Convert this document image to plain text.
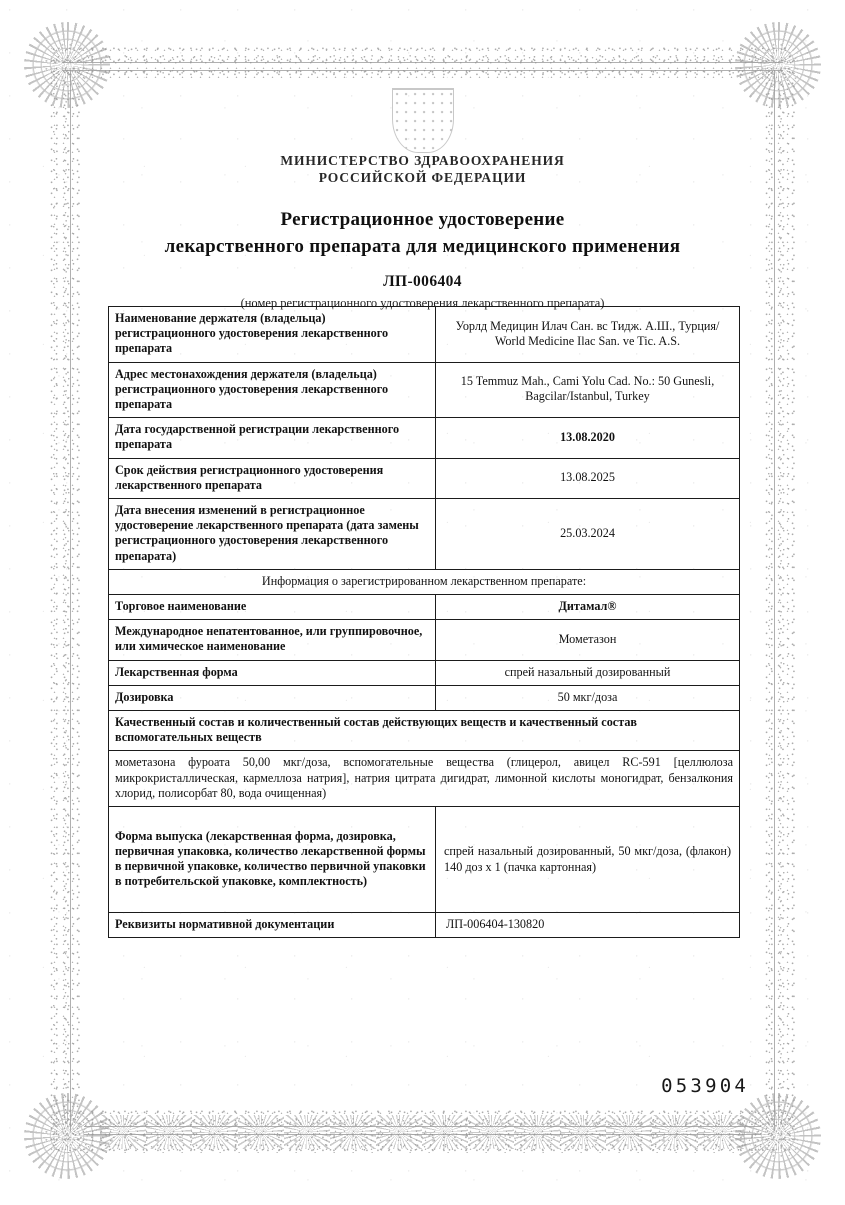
МИНИСТЕРСТВО ЗДРАВООХРАНЕНИЯ
РОССИЙСКОЙ ФЕДЕРАЦИИ
Регистрационное удостоверение
лекарственного препарата для медицинского применения
ЛП-006404
(номер регистрационного удостоверения лекарственного препарата)
Наименование держателя (владельца) регистрационного удостоверения лекарственного препарата	Уорлд Медицин Илач Сан. вс Тидж. А.Ш., Турция/ World Medicine Ilac San. ve Tic. A.S.
Адрес местонахождения держателя (владельца) регистрационного удостоверения лекарственного препарата	15 Temmuz Mah., Cami Yolu Cad. No.: 50 Gunesli, Bagcilar/Istanbul, Turkey
Дата государственной регистрации лекарственного препарата	13.08.2020
Срок действия регистрационного удостоверения лекарственного препарата	13.08.2025
Дата внесения изменений в регистрационное удостоверение лекарственного препарата (дата замены регистрационного удостоверения лекарственного препарата)	25.03.2024
Информация о зарегистрированном лекарственном препарате:	
Торговое наименование	Дитамал®
Международное непатентованное, или группировочное, или химическое наименование	Мометазон
Лекарственная форма	спрей назальный дозированный
Дозировка	50 мкг/доза
Качественный состав и количественный состав действующих веществ и качественный состав вспомогательных веществ	
мометазона фуроата 50,00 мкг/доза, вспомогательные вещества (глицерол, авицел RC-591 [целлюлоза микрокристаллическая, кармеллоза натрия], натрия цитрата дигидрат, лимонной кислоты моногидрат, бензалкония хлорид, полисорбат 80, вода очищенная)	
Форма выпуска (лекарственная форма, дозировка, первичная упаковка, количество лекарственной формы в первичной упаковке, количество первичной упаковки в потребительской упаковке, комплектность)	спрей назальный дозированный, 50 мкг/доза, (флакон) 140 доз x 1 (пачка картонная)
Реквизиты нормативной документации	ЛП-006404-130820
053904
